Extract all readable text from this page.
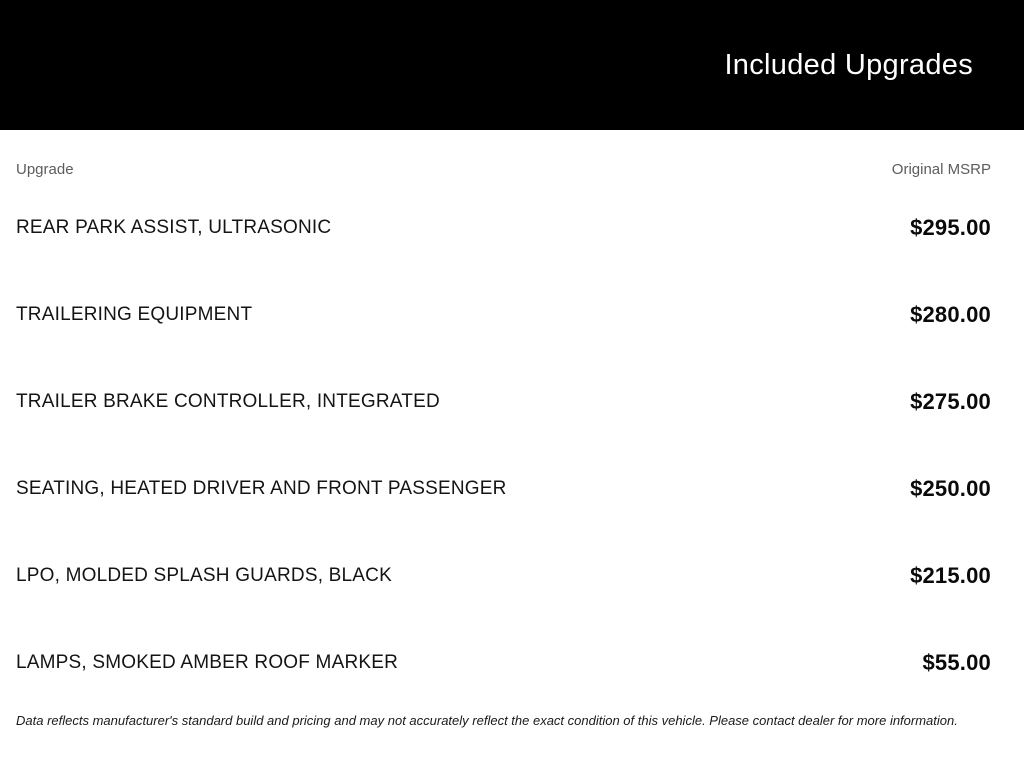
Included Upgrades
Upgrade	Original MSRP
REAR PARK ASSIST, ULTRASONIC	$295.00
TRAILERING EQUIPMENT	$280.00
TRAILER BRAKE CONTROLLER, INTEGRATED	$275.00
SEATING, HEATED DRIVER AND FRONT PASSENGER	$250.00
LPO, MOLDED SPLASH GUARDS, BLACK	$215.00
LAMPS, SMOKED AMBER ROOF MARKER	$55.00

Data reflects manufacturer's standard build and pricing and may not accurately reflect the exact condition of this vehicle. Please contact dealer for more information.
